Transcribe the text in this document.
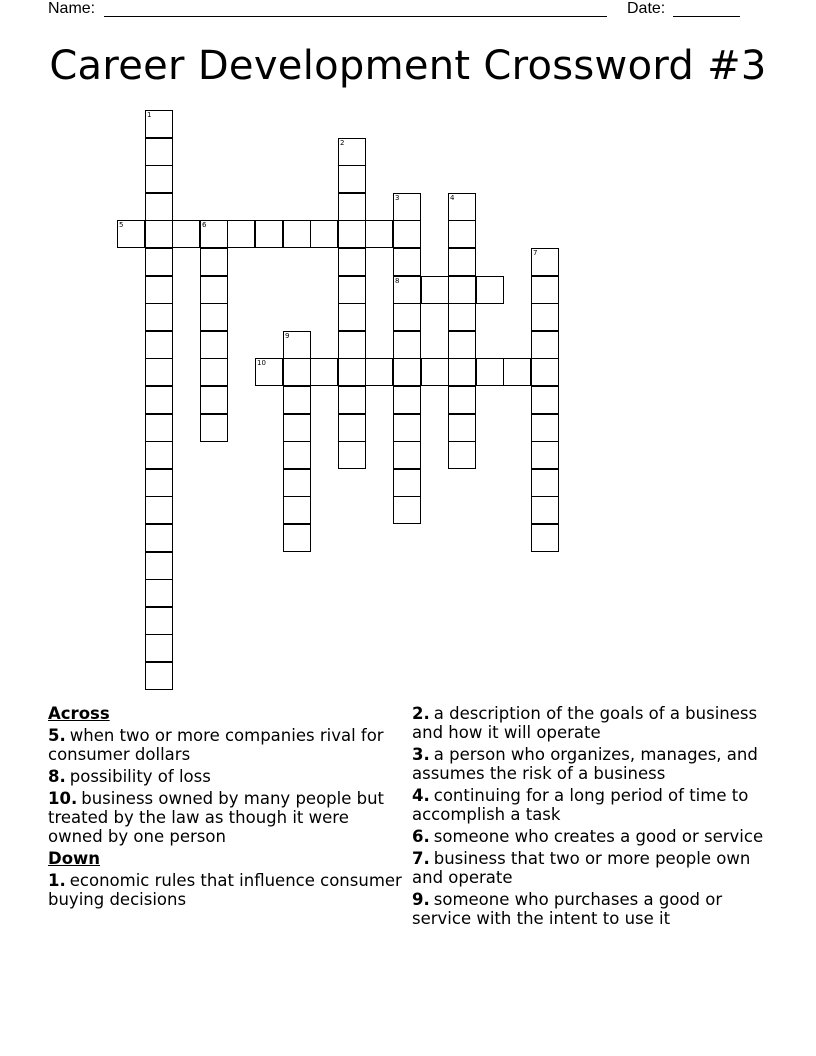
Name:	Date:
Career Development Crossword #3
1
2
3
8
4
5	6
7
9
10
Across
5. when two or more companies rival for consumer dollars
8. possibility of loss
10. business owned by many people but treated by the law as though it were owned by one person
Down
1. economic rules that influence consumer buying decisions
2. a description of the goals of a business and how it will operate
3. a person who organizes, manages, and assumes the risk of a business
4. continuing for a long period of time to accomplish a task
6. someone who creates a good or service
7. business that two or more people own and operate
9. someone who purchases a good or service with the intent to use it
